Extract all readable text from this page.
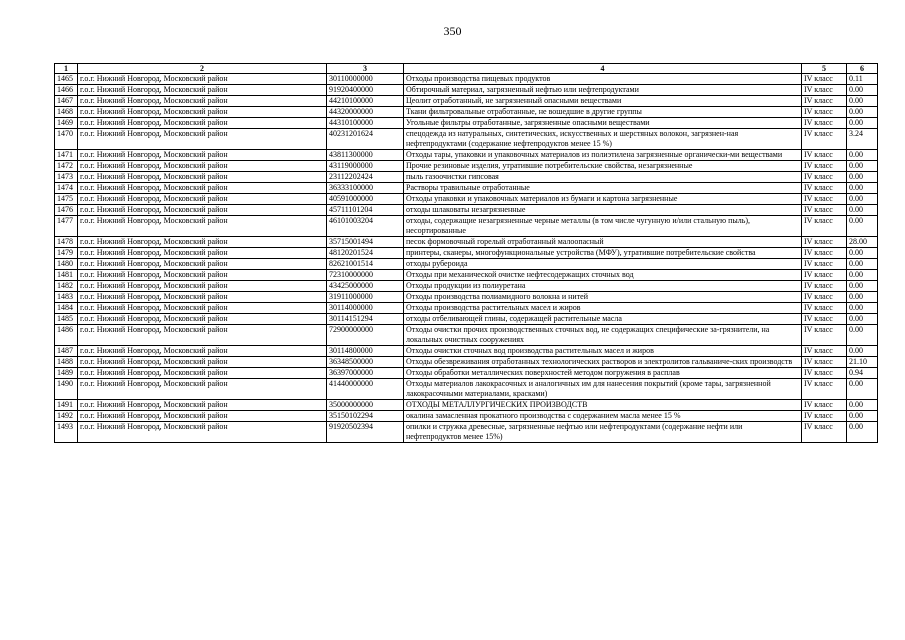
350
1	2	3	4	5	6
1465	г.о.г. Нижний Новгород, Московский район	30110000000	Отходы производства пищевых продуктов	IV класс	0.11
1466	г.о.г. Нижний Новгород, Московский район	91920400000	Обтирочный материал, загрязненный нефтью или нефтепродуктами	IV класс	0.00
1467	г.о.г. Нижний Новгород, Московский район	44210100000	Цеолит отработанный, не загрязненный опасными веществами	IV класс	0.00
1468	г.о.г. Нижний Новгород, Московский район	44320000000	Ткани фильтровальные отработанные, не вошедшие в другие группы	IV класс	0.00
1469	г.о.г. Нижний Новгород, Московский район	44310100000	Угольные фильтры отработанные, загрязненные опасными веществами	IV класс	0.00
1470	г.о.г. Нижний Новгород, Московский район	40231201624	спецодежда из натуральных, синтетических, искусственных и шерстяных волокон, загрязнен-ная нефтепродуктами (содержание нефтепродуктов менее 15 %)	IV класс	3.24
1471	г.о.г. Нижний Новгород, Московский район	43811300000	Отходы тары, упаковки и упаковочных материалов из полиэтилена загрязненные органически-ми веществами	IV класс	0.00
1472	г.о.г. Нижний Новгород, Московский район	43119000000	Прочие резиновые изделия, утратившие потребительские свойства, незагрязненные	IV класс	0.00
1473	г.о.г. Нижний Новгород, Московский район	23112202424	пыль газоочистки гипсовая	IV класс	0.00
1474	г.о.г. Нижний Новгород, Московский район	36333100000	Растворы травильные отработанные	IV класс	0.00
1475	г.о.г. Нижний Новгород, Московский район	40591000000	Отходы упаковки и упаковочных материалов из бумаги и картона загрязненные	IV класс	0.00
1476	г.о.г. Нижний Новгород, Московский район	45711101204	отходы шлаковаты незагрязненные	IV класс	0.00
1477	г.о.г. Нижний Новгород, Московский район	46101003204	отходы, содержащие незагрязненные черные металлы (в том числе чугунную и/или стальную пыль), несортированные	IV класс	0.00
1478	г.о.г. Нижний Новгород, Московский район	35715001494	песок формовочный горелый отработанный малоопасный	IV класс	28.00
1479	г.о.г. Нижний Новгород, Московский район	48120201524	принтеры, сканеры, многофункциональные устройства (МФУ), утратившие потребительские свойства	IV класс	0.00
1480	г.о.г. Нижний Новгород, Московский район	82621001514	отходы рубероида	IV класс	0.00
1481	г.о.г. Нижний Новгород, Московский район	72310000000	Отходы при механической очистке нефтесодержащих сточных вод	IV класс	0.00
1482	г.о.г. Нижний Новгород, Московский район	43425000000	Отходы продукции из полиуретана	IV класс	0.00
1483	г.о.г. Нижний Новгород, Московский район	31911000000	Отходы производства полиамидного волокна и нитей	IV класс	0.00
1484	г.о.г. Нижний Новгород, Московский район	30114000000	Отходы производства растительных масел и жиров	IV класс	0.00
1485	г.о.г. Нижний Новгород, Московский район	30114151294	отходы отбеливающей глины, содержащей растительные масла	IV класс	0.00
1486	г.о.г. Нижний Новгород, Московский район	72900000000	Отходы очистки прочих производственных сточных вод, не содержащих специфические за-грязнители, на локальных очистных сооружениях	IV класс	0.00
1487	г.о.г. Нижний Новгород, Московский район	30114800000	Отходы очистки сточных вод производства растительных масел и жиров	IV класс	0.00
1488	г.о.г. Нижний Новгород, Московский район	36348500000	Отходы обезвреживания отработанных технологических растворов и электролитов гальваниче-ских производств	IV класс	21.10
1489	г.о.г. Нижний Новгород, Московский район	36397000000	Отходы обработки металлических поверхностей методом погружения в расплав	IV класс	0.94
1490	г.о.г. Нижний Новгород, Московский район	41440000000	Отходы материалов лакокрасочных и аналогичных им для нанесения покрытий (кроме тары, загрязненной лакокрасочными материалами, красками)	IV класс	0.00
1491	г.о.г. Нижний Новгород, Московский район	35000000000	ОТХОДЫ МЕТАЛЛУРГИЧЕСКИХ ПРОИЗВОДСТВ	IV класс	0.00
1492	г.о.г. Нижний Новгород, Московский район	35150102294	окалина замасленная прокатного производства с содержанием масла менее 15 %	IV класс	0.00
1493	г.о.г. Нижний Новгород, Московский район	91920502394	опилки и стружка древесные, загрязненные нефтью или нефтепродуктами (содержание нефти или нефтепродуктов менее 15%)	IV класс	0.00
